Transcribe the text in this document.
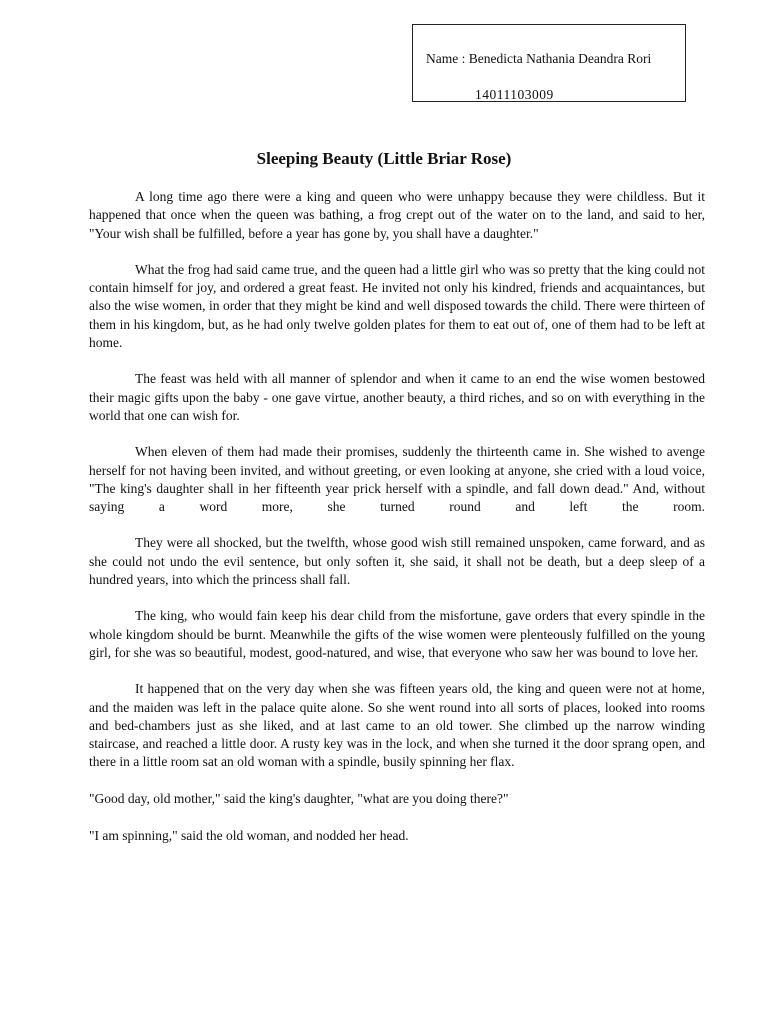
Name : Benedicta Nathania Deandra Rori
14011103009
Sleeping Beauty (Little Briar Rose)

A long time ago there were a king and queen who were unhappy because they were childless. But it happened that once when the queen was bathing, a frog crept out of the water on to the land, and said to her, "Your wish shall be fulfilled, before a year has gone by, you shall have a daughter."

What the frog had said came true, and the queen had a little girl who was so pretty that the king could not contain himself for joy, and ordered a great feast. He invited not only his kindred, friends and acquaintances, but also the wise women, in order that they might be kind and well disposed towards the child. There were thirteen of them in his kingdom, but, as he had only twelve golden plates for them to eat out of, one of them had to be left at home.

The feast was held with all manner of splendor and when it came to an end the wise women bestowed their magic gifts upon the baby - one gave virtue, another beauty, a third riches, and so on with everything in the world that one can wish for.

When eleven of them had made their promises, suddenly the thirteenth came in. She wished to avenge herself for not having been invited, and without greeting, or even looking at anyone, she cried with a loud voice, "The king's daughter shall in her fifteenth year prick herself with a spindle, and fall down dead." And, without saying a word more, she turned round and left the room.

They were all shocked, but the twelfth, whose good wish still remained unspoken, came forward, and as she could not undo the evil sentence, but only soften it, she said, it shall not be death, but a deep sleep of a hundred years, into which the princess shall fall.

The king, who would fain keep his dear child from the misfortune, gave orders that every spindle in the whole kingdom should be burnt. Meanwhile the gifts of the wise women were plenteously fulfilled on the young girl, for she was so beautiful, modest, good-natured, and wise, that everyone who saw her was bound to love her.

It happened that on the very day when she was fifteen years old, the king and queen were not at home, and the maiden was left in the palace quite alone. So she went round into all sorts of places, looked into rooms and bed-chambers just as she liked, and at last came to an old tower. She climbed up the narrow winding staircase, and reached a little door. A rusty key was in the lock, and when she turned it the door sprang open, and there in a little room sat an old woman with a spindle, busily spinning her flax.

"Good day, old mother," said the king's daughter, "what are you doing there?"

"I am spinning," said the old woman, and nodded her head.
